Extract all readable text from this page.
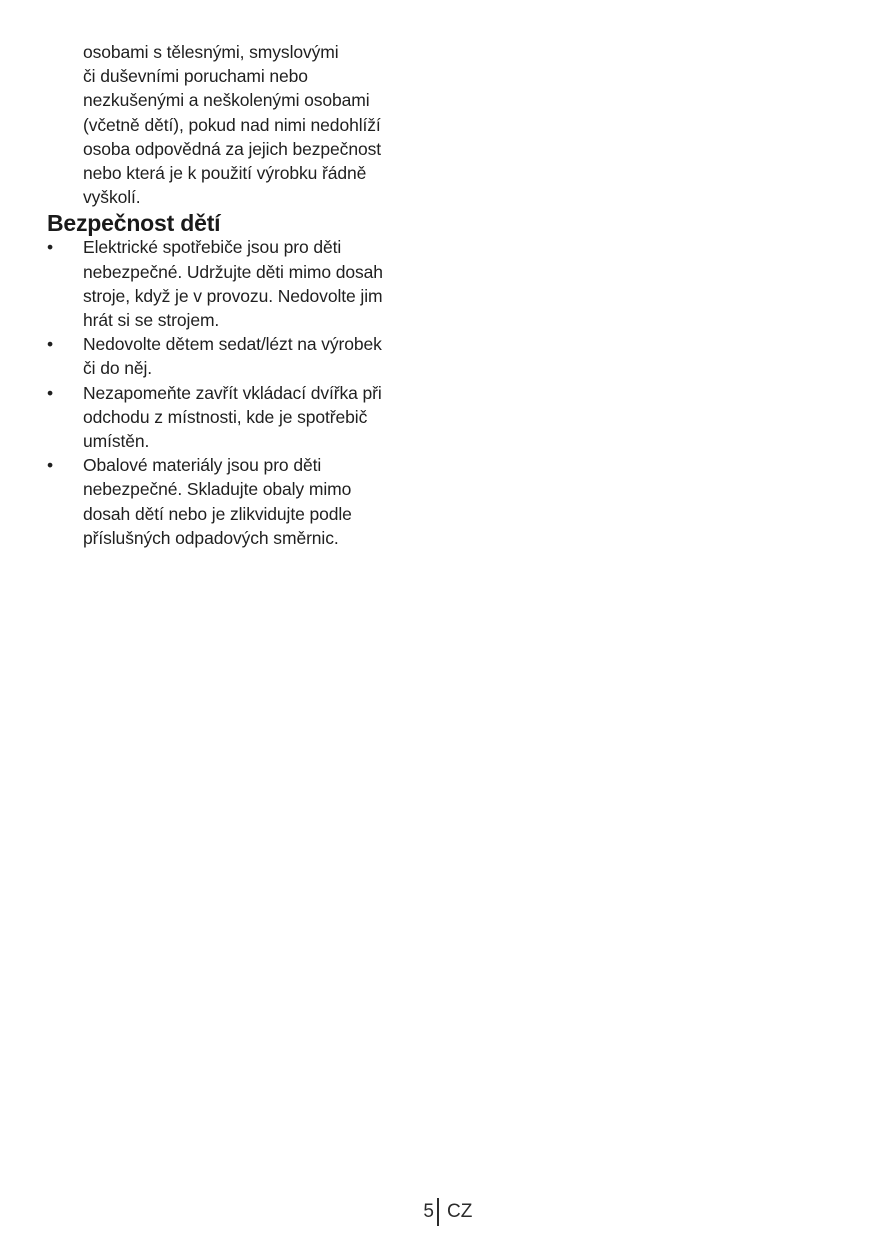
osobami s tělesnými, smyslovými
či duševními poruchami nebo
nezkušenými a neškolenými osobami
(včetně dětí), pokud nad nimi nedohlíží
osoba odpovědná za jejich bezpečnost
nebo která je k použití výrobku řádně
vyškolí.
Bezpečnost dětí
• Elektrické spotřebiče jsou pro děti
nebezpečné. Udržujte děti mimo dosah
stroje, když je v provozu. Nedovolte jim
hrát si se strojem.
• Nedovolte dětem sedat/lézt na výrobek
či do něj.
• Nezapomeňte zavřít vkládací dvířka při
odchodu z místnosti, kde je spotřebič
umístěn.
• Obalové materiály jsou pro děti
nebezpečné. Skladujte obaly mimo
dosah dětí nebo je zlikvidujte podle
příslušných odpadových směrnic.
5 CZ
